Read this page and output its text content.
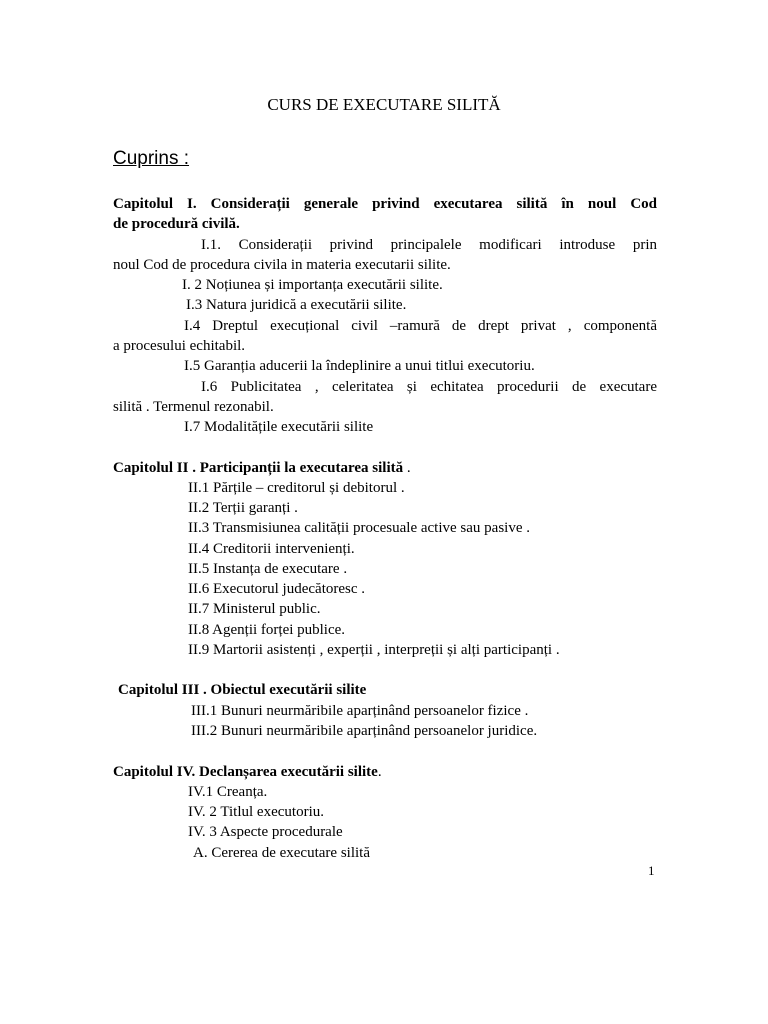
CURS DE EXECUTARE SILITĂ
Cuprins :
Capitolul I. Considerații generale privind executarea silită în noul Cod
de procedură civilă.
I.1. Considerații privind principalele modificari introduse prin
noul Cod de procedura civila in materia executarii silite.
I. 2 Noțiunea și importanța executării silite.
I.3 Natura juridică a executării silite.
I.4 Dreptul execuțional civil –ramură de drept privat , componentă
a procesului echitabil.
I.5 Garanția aducerii la îndeplinire a unui titlui executoriu.
I.6 Publicitatea , celeritatea și echitatea procedurii de executare
silită . Termenul rezonabil.
I.7 Modalitățile executării silite
Capitolul II . Participanții la executarea silită .
II.1 Părțile – creditorul și debitorul .
II.2 Terții garanți .
II.3 Transmisiunea calității procesuale active sau pasive .
II.4 Creditorii intervenienți.
II.5 Instanța de executare .
II.6 Executorul judecătoresc .
II.7 Ministerul public.
II.8 Agenții forței publice.
II.9 Martorii asistenți , experții , interpreții și alți participanți .
Capitolul III . Obiectul executării silite
III.1 Bunuri neurmăribile aparținând persoanelor fizice .
III.2 Bunuri neurmăribile aparținând persoanelor juridice.
Capitolul IV. Declanșarea executării silite.
IV.1 Creanța.
IV. 2 Titlul executoriu.
IV. 3 Aspecte procedurale
A. Cererea de executare silită
1
